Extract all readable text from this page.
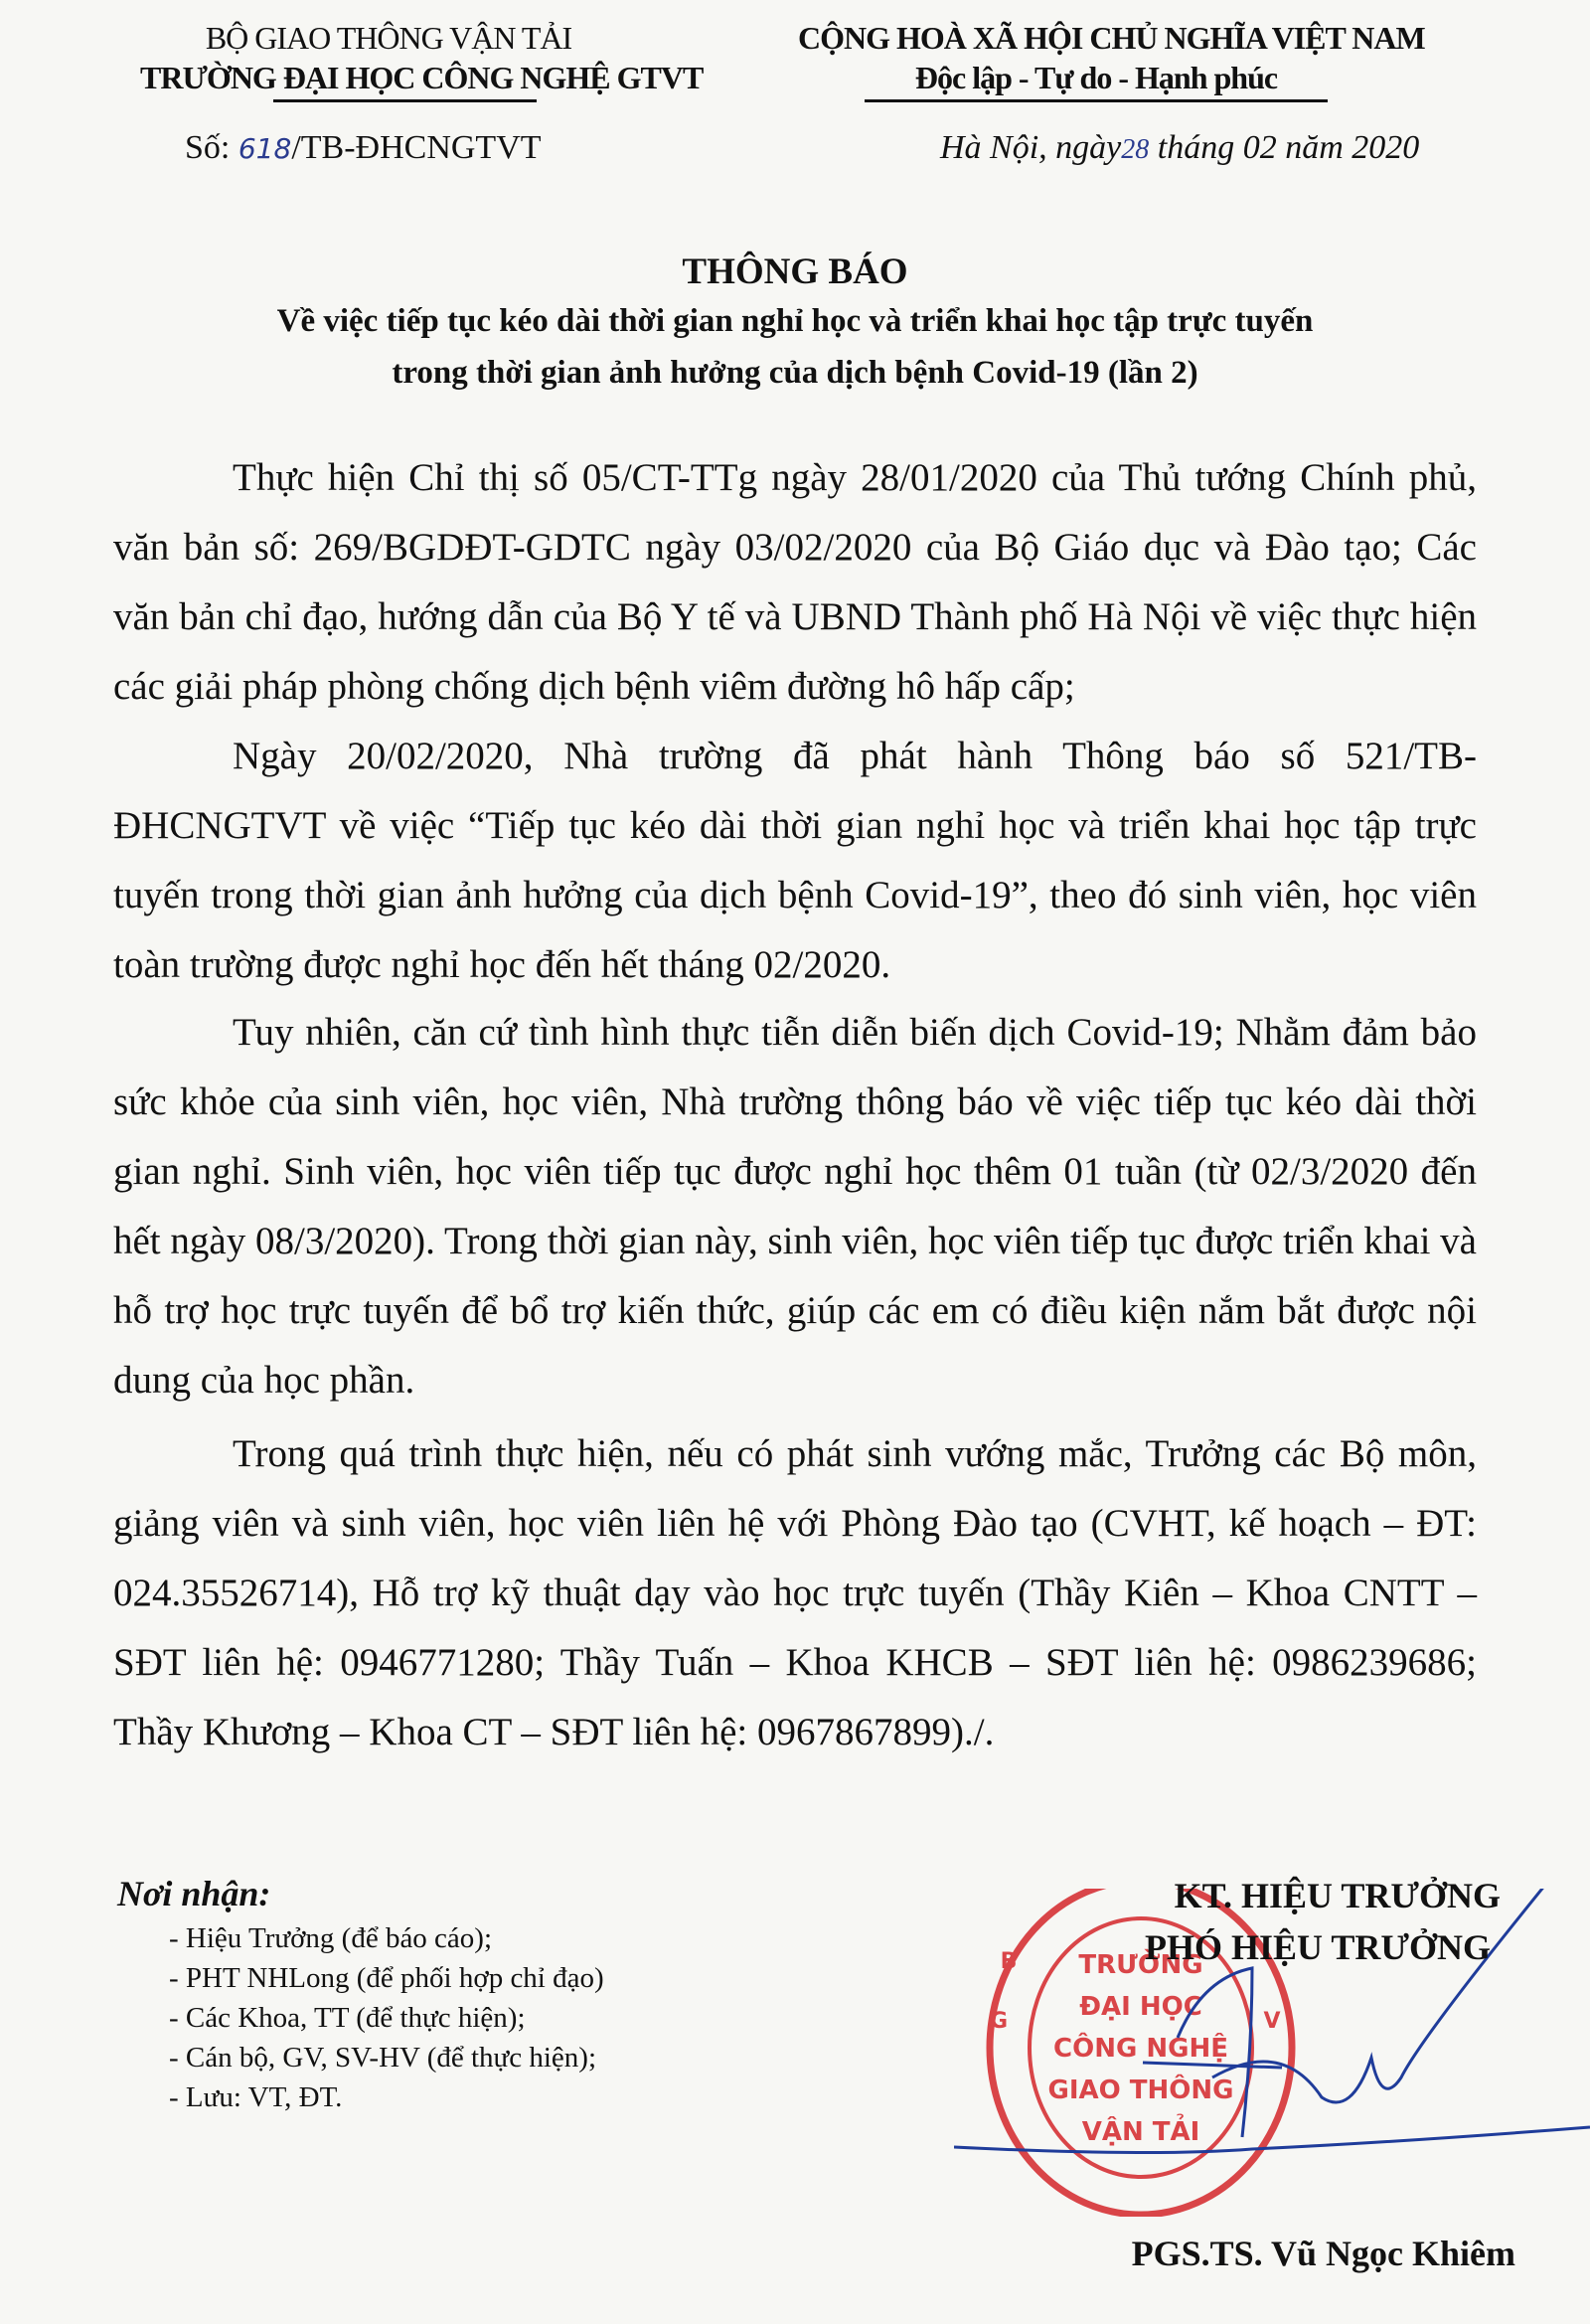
BỘ GIAO THÔNG VẬN TẢI
TRƯỜNG ĐẠI HỌC CÔNG NGHỆ GTVT
CỘNG HOÀ XÃ HỘI CHỦ NGHĨA VIỆT NAM
Độc lập - Tự do - Hạnh phúc
Số: 618/TB-ĐHCNGTVT	Hà Nội, ngày28 tháng 02 năm 2020
THÔNG BÁO
Về việc tiếp tục kéo dài thời gian nghỉ học và triển khai học tập trực tuyến
trong thời gian ảnh hưởng của dịch bệnh Covid-19 (lần 2)
Thực hiện Chỉ thị số 05/CT-TTg ngày 28/01/2020 của Thủ tướng Chính phủ, văn bản số: 269/BGDĐT-GDTC ngày 03/02/2020 của Bộ Giáo dục và Đào tạo; Các văn bản chỉ đạo, hướng dẫn của Bộ Y tế và UBND Thành phố Hà Nội về việc thực hiện các giải pháp phòng chống dịch bệnh viêm đường hô hấp cấp;
Ngày 20/02/2020, Nhà trường đã phát hành Thông báo số 521/TB-ĐHCNGTVT về việc “Tiếp tục kéo dài thời gian nghỉ học và triển khai học tập trực tuyến trong thời gian ảnh hưởng của dịch bệnh Covid-19”, theo đó sinh viên, học viên toàn trường được nghỉ học đến hết tháng 02/2020.
Tuy nhiên, căn cứ tình hình thực tiễn diễn biến dịch Covid-19; Nhằm đảm bảo sức khỏe của sinh viên, học viên, Nhà trường thông báo về việc tiếp tục kéo dài thời gian nghỉ. Sinh viên, học viên tiếp tục được nghỉ học thêm 01 tuần (từ 02/3/2020 đến hết ngày 08/3/2020). Trong thời gian này, sinh viên, học viên tiếp tục được triển khai và hỗ trợ học trực tuyến để bổ trợ kiến thức, giúp các em có điều kiện nắm bắt được nội dung của học phần.
Trong quá trình thực hiện, nếu có phát sinh vướng mắc, Trưởng các Bộ môn, giảng viên và sinh viên, học viên liên hệ với Phòng Đào tạo (CVHT, kế hoạch – ĐT: 024.35526714), Hỗ trợ kỹ thuật dạy vào học trực tuyến (Thầy Kiên – Khoa CNTT – SĐT liên hệ: 0946771280; Thầy Tuấn – Khoa KHCB – SĐT liên hệ: 0986239686; Thầy Khương – Khoa CT – SĐT liên hệ: 0967867899)./.
Nơi nhận:
- Hiệu Trưởng (để báo cáo);
- PHT NHLong (để phối hợp chỉ đạo)
- Các Khoa, TT (để thực hiện);
- Cán bộ, GV, SV-HV (để thực hiện);
- Lưu: VT, ĐT.
TRƯỜNG
ĐẠI HỌC
CÔNG NGHỆ
GIAO THÔNG
VẬN TẢI
B
G	V
KT. HIỆU TRƯỞNG
PHÓ HIỆU TRƯỞNG
PGS.TS. Vũ Ngọc Khiêm
